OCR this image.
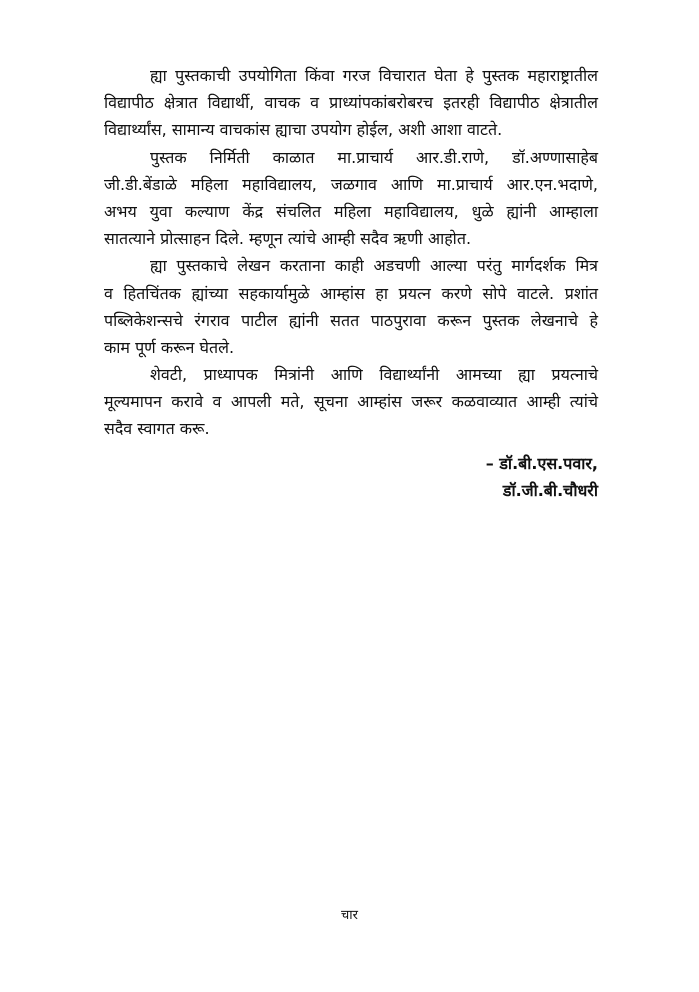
ह्या पुस्तकाची उपयोगिता किंवा गरज विचारात घेता हे पुस्तक महाराष्ट्रातील
विद्यापीठ क्षेत्रात विद्यार्थी, वाचक व प्राध्यांपकांबरोबरच इतरही विद्यापीठ क्षेत्रातील
विद्यार्थ्यांस, सामान्य वाचकांस ह्याचा उपयोग होईल, अशी आशा वाटते.
पुस्तक निर्मिती काळात मा.प्राचार्य आर.डी.राणे, डॉ.अण्णासाहेब
जी.डी.बेंडाळे महिला महाविद्यालय, जळगाव आणि मा.प्राचार्य आर.एन.भदाणे,
अभय युवा कल्याण केंद्र संचलित महिला महाविद्यालय, धुळे ह्यांनी आम्हाला
सातत्याने प्रोत्साहन दिले. म्हणून त्यांचे आम्ही सदैव ऋणी आहोत.
ह्या पुस्तकाचे लेखन करताना काही अडचणी आल्या परंतु मार्गदर्शक मित्र
व हितचिंतक ह्यांच्या सहकार्यामुळे आम्हांस हा प्रयत्न करणे सोपे वाटले. प्रशांत
पब्लिकेशन्सचे रंगराव पाटील ह्यांनी सतत पाठपुरावा करून पुस्तक लेखनाचे हे
काम पूर्ण करून घेतले.
शेवटी, प्राध्यापक मित्रांनी आणि विद्यार्थ्यांनी आमच्या ह्या प्रयत्नाचे
मूल्यमापन करावे व आपली मते, सूचना आम्हांस जरूर कळवाव्यात आम्ही त्यांचे
सदैव स्वागत करू.
– डॉ.बी.एस.पवार,
डॉ.जी.बी.चौधरी
चार
